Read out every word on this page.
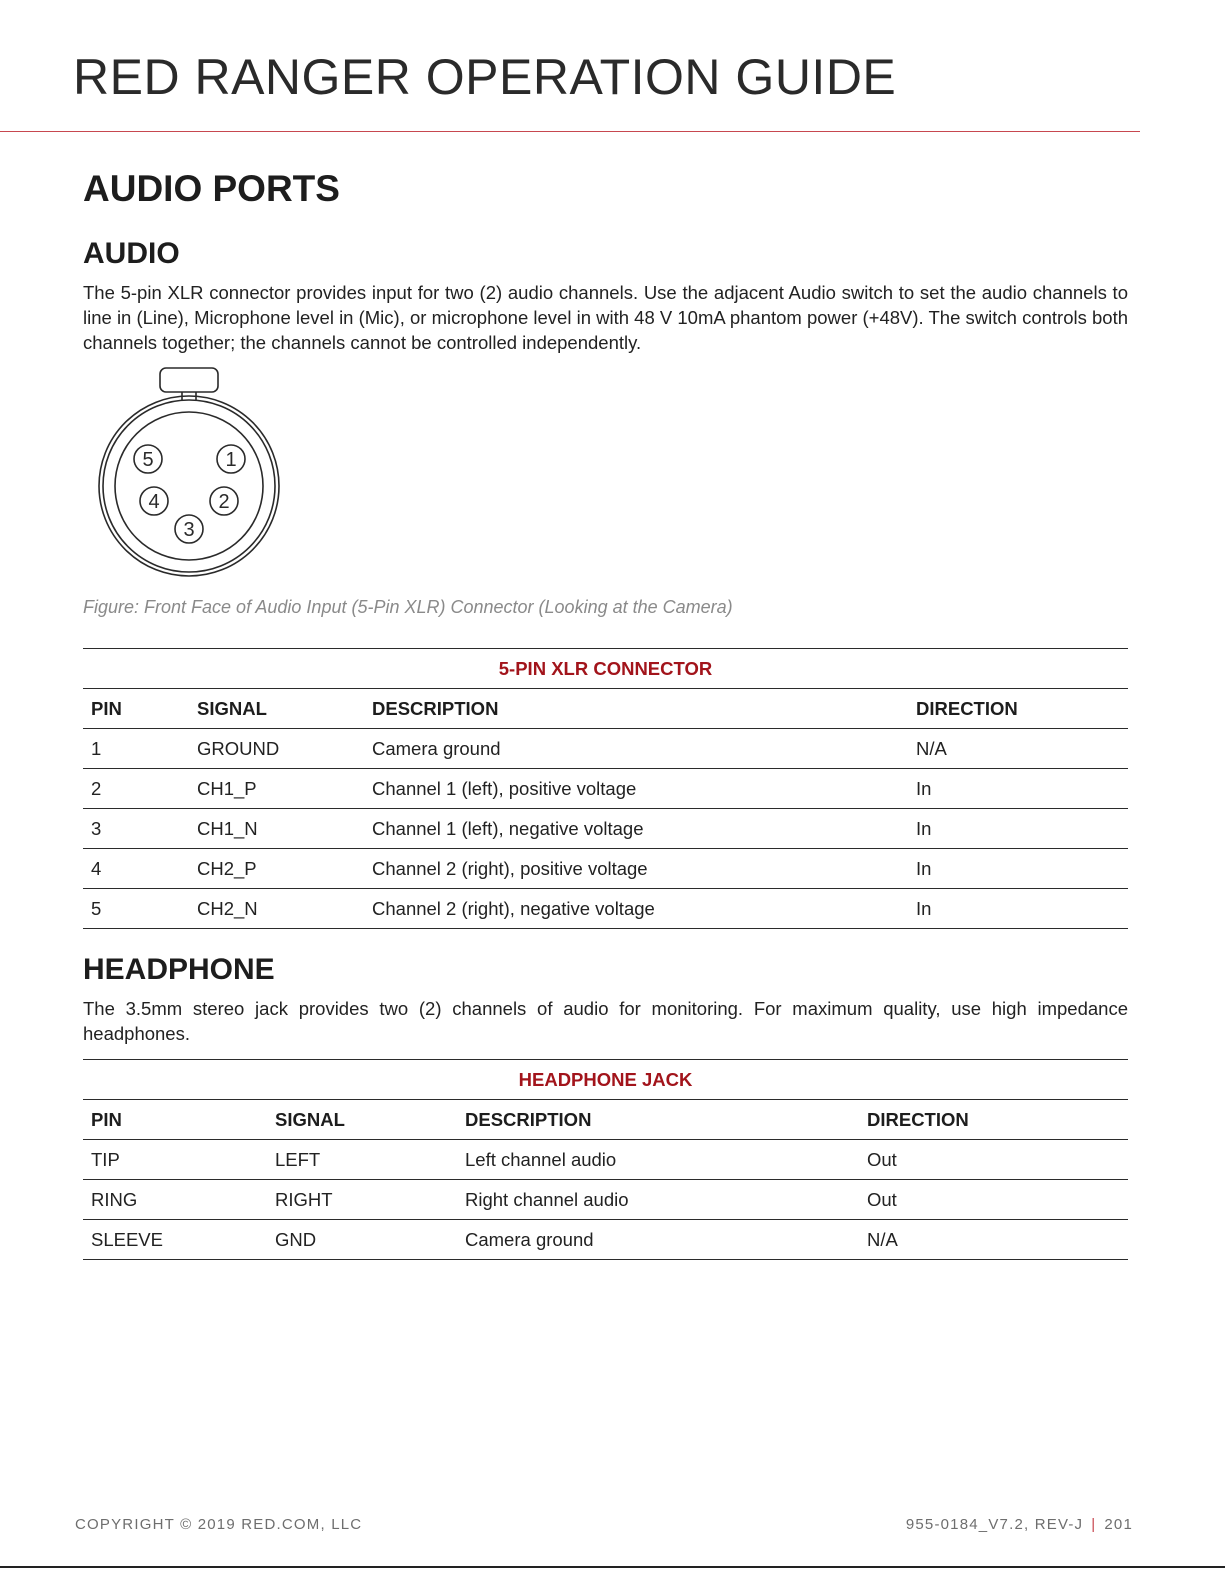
RED RANGER OPERATION GUIDE
AUDIO PORTS
AUDIO
The 5-pin XLR connector provides input for two (2) audio channels. Use the adjacent Audio switch to set the audio channels to line in (Line), Microphone level in (Mic), or microphone level in with 48 V 10mA phantom power (+48V). The switch controls both channels together; the channels cannot be controlled independently.
5	1
4	2
3
Figure: Front Face of Audio Input (5-Pin XLR) Connector (Looking at the Camera)
5-PIN XLR CONNECTOR			
PIN	SIGNAL	DESCRIPTION	DIRECTION
1	GROUND	Camera ground	N/A
2	CH1_P	Channel 1 (left), positive voltage	In
3	CH1_N	Channel 1 (left), negative voltage	In
4	CH2_P	Channel 2 (right), positive voltage	In
5	CH2_N	Channel 2 (right), negative voltage	In
HEADPHONE
The 3.5mm stereo jack provides two (2) channels of audio for monitoring. For maximum quality, use high impedance headphones.
HEADPHONE JACK			
PIN	SIGNAL	DESCRIPTION	DIRECTION
TIP	LEFT	Left channel audio	Out
RING	RIGHT	Right channel audio	Out
SLEEVE	GND	Camera ground	N/A
COPYRIGHT © 2019 RED.COM, LLC	955-0184_V7.2, REV-J | 201
